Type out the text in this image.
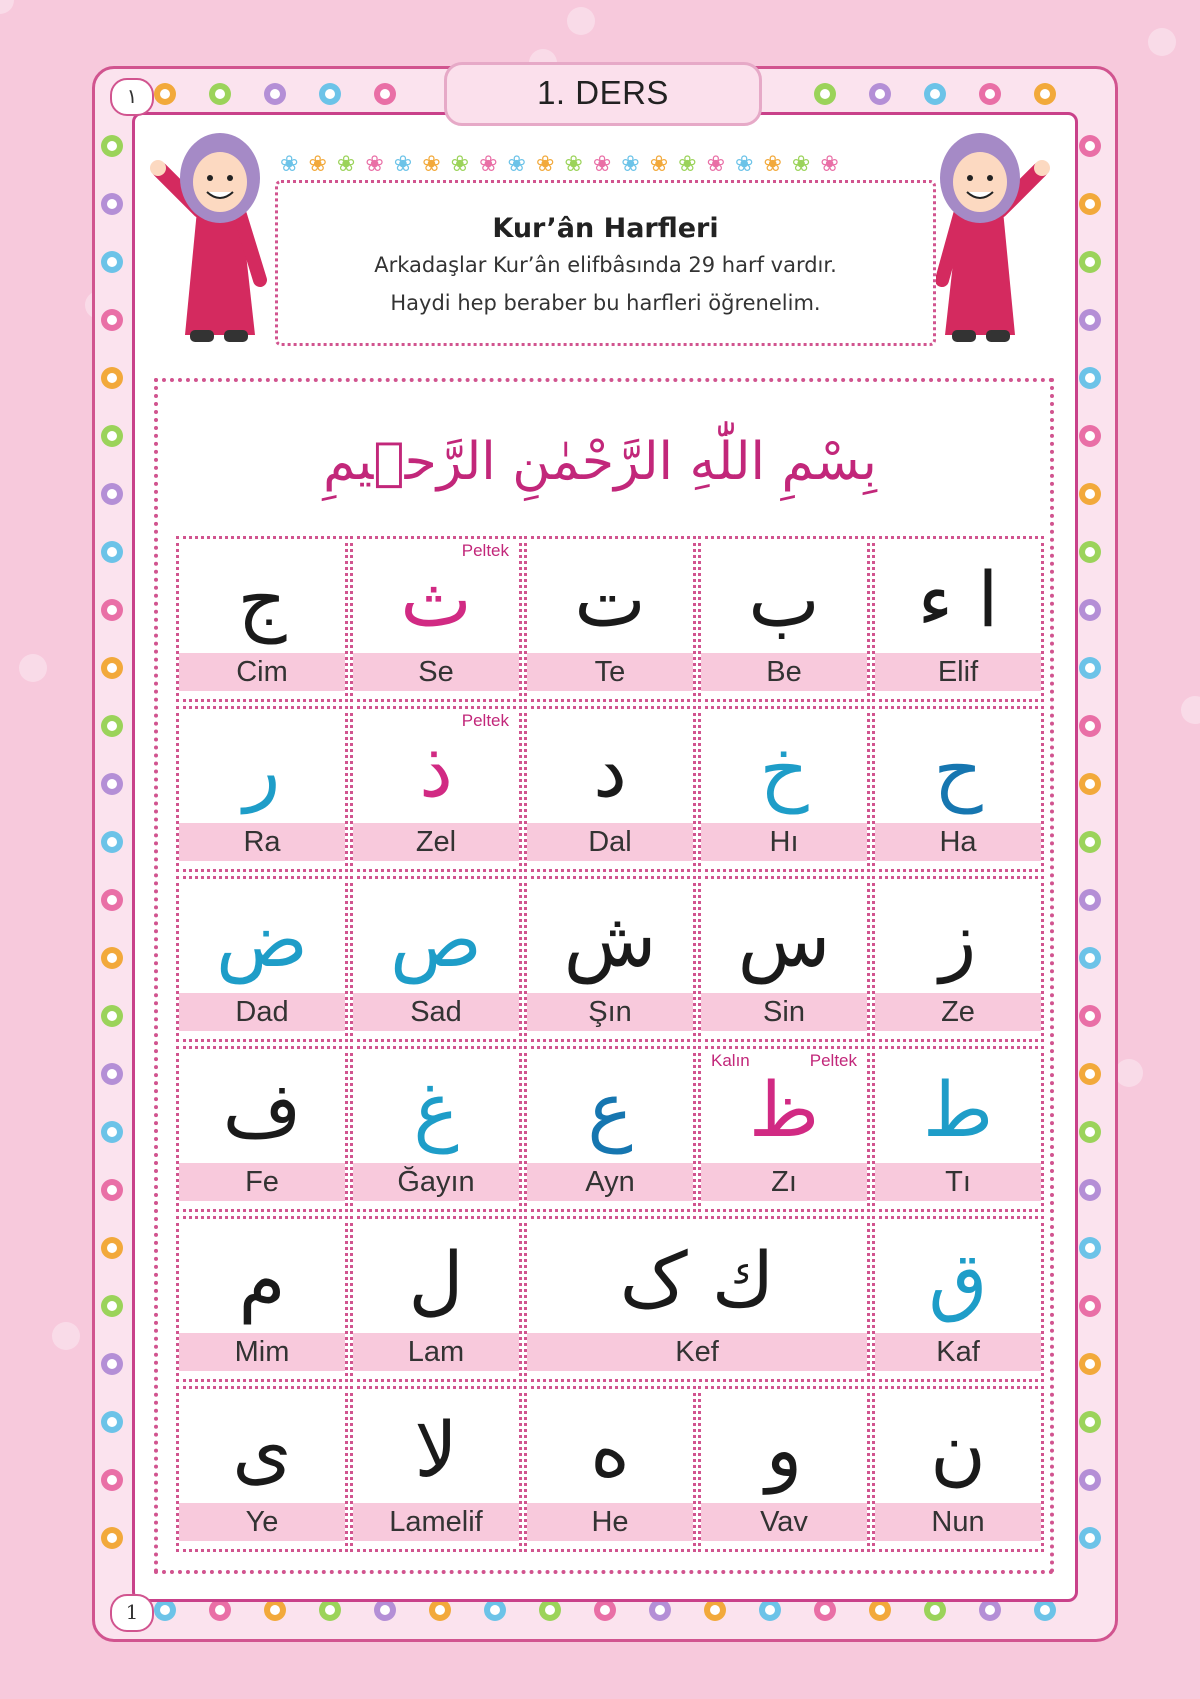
١
1
1. DERS
❀ ❀ ❀ ❀ ❀ ❀ ❀ ❀ ❀ ❀ ❀ ❀ ❀ ❀ ❀ ❀ ❀ ❀ ❀ ❀
Kur’ân Harfleri
Arkadaşlar Kur’ân elifbâsında 29 harf vardır.
Haydi hep beraber bu harfleri öğrenelim.
بِسْمِ اللّٰهِ الرَّحْمٰنِ الرَّح۪يمِ
ا ء
Elif
ب
Be
ت
Te
ث
Se
Peltek
ج
Cim
ح
Ha
خ
Hı
د
Dal
ذ
Zel
Peltek
ر
Ra
ز
Ze
س
Sin
ش
Şın
ص
Sad
ض
Dad
ط
Tı
ظ
Zı
Peltek
Kalın
ع
Ayn
غ
Ğayın
ف
Fe
ق
Kaf
ك ک
Kef
ل
Lam
م
Mim
ن
Nun
و
Vav
ه
He
لا
Lamelif
ى
Ye
